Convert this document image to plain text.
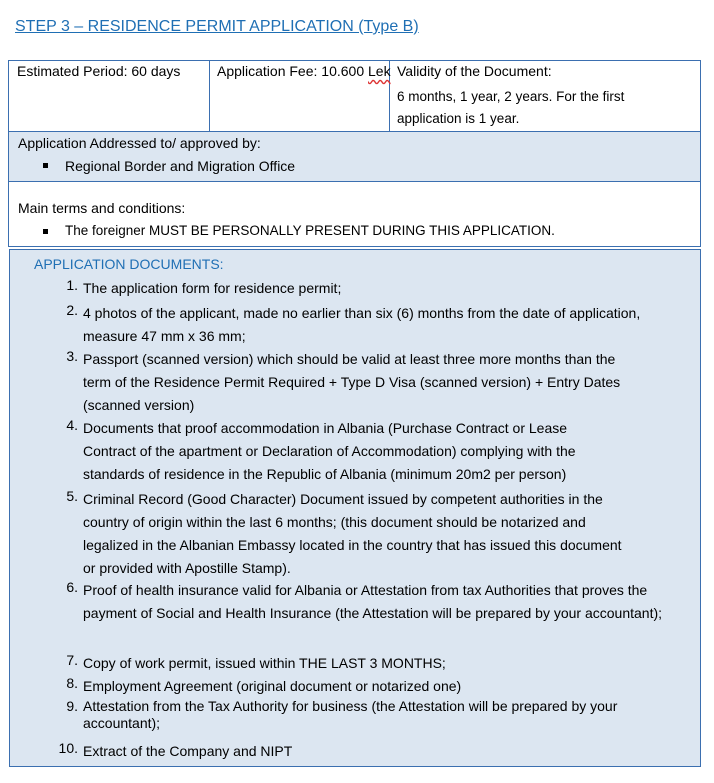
STEP 3 – RESIDENCE PERMIT APPLICATION (Type B)
Estimated Period: 60 days	Application Fee: 10.600 Lek Validity of the Document:
6 months, 1 year, 2 years. For the first application is 1 year.
Application Addressed to/ approved by:
Regional Border and Migration Office
Main terms and conditions:
The foreigner MUST BE PERSONALLY PRESENT DURING THIS APPLICATION.
APPLICATION DOCUMENTS:
1. The application form for residence permit;
2. 4 photos of the applicant, made no earlier than six (6) months from the date of application, measure 47 mm x 36 mm;
3. Passport (scanned version) which should be valid at least three more months than the term of the Residence Permit Required + Type D Visa (scanned version) + Entry Dates (scanned version)
4. Documents that proof accommodation in Albania (Purchase Contract or Lease Contract of the apartment or Declaration of Accommodation) complying with the standards of residence in the Republic of Albania (minimum 20m2 per person)
5. Criminal Record (Good Character) Document issued by competent authorities in the country of origin within the last 6 months; (this document should be notarized and legalized in the Albanian Embassy located in the country that has issued this document or provided with Apostille Stamp).
6. Proof of health insurance valid for Albania or Attestation from tax Authorities that proves the payment of Social and Health Insurance (the Attestation will be prepared by your accountant);
7. Copy of work permit, issued within THE LAST 3 MONTHS;
8. Employment Agreement (original document or notarized one)
9. Attestation from the Tax Authority for business (the Attestation will be prepared by your accountant);
10. Extract of the Company and NIPT
